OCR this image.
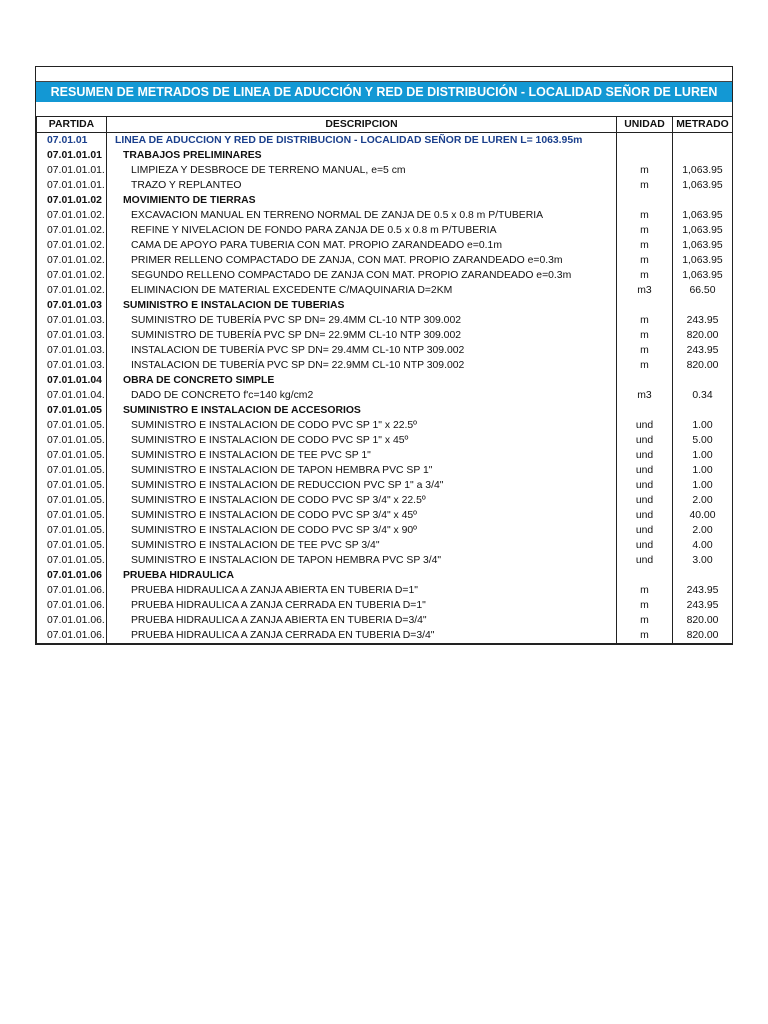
RESUMEN DE METRADOS DE LINEA DE ADUCCIÓN Y RED DE DISTRIBUCIÓN - LOCALIDAD SEÑOR DE LUREN
PARTIDA	DESCRIPCION	UNIDAD	METRADO
07.01.01	LINEA DE ADUCCION Y RED DE DISTRIBUCION - LOCALIDAD SEÑOR DE LUREN L= 1063.95m		
07.01.01.01	TRABAJOS PRELIMINARES		
07.01.01.01.	LIMPIEZA Y DESBROCE DE TERRENO MANUAL, e=5 cm	m	1,063.95
07.01.01.01.	TRAZO Y REPLANTEO	m	1,063.95
07.01.01.02	MOVIMIENTO DE TIERRAS		
07.01.01.02.	EXCAVACION MANUAL EN TERRENO NORMAL DE ZANJA DE 0.5 x 0.8 m P/TUBERIA	m	1,063.95
07.01.01.02.	REFINE Y NIVELACION DE FONDO PARA ZANJA DE 0.5 x 0.8 m P/TUBERIA	m	1,063.95
07.01.01.02.	CAMA DE APOYO PARA TUBERIA CON MAT. PROPIO ZARANDEADO e=0.1m	m	1,063.95
07.01.01.02.	PRIMER RELLENO COMPACTADO DE ZANJA, CON MAT. PROPIO ZARANDEADO e=0.3m	m	1,063.95
07.01.01.02.	SEGUNDO RELLENO COMPACTADO DE ZANJA CON MAT. PROPIO ZARANDEADO e=0.3m	m	1,063.95
07.01.01.02.	ELIMINACION DE MATERIAL EXCEDENTE C/MAQUINARIA D=2KM	m3	66.50
07.01.01.03	SUMINISTRO E INSTALACION DE TUBERIAS		
07.01.01.03.	SUMINISTRO DE TUBERÍA PVC SP DN= 29.4MM CL-10 NTP 309.002	m	243.95
07.01.01.03.	SUMINISTRO DE TUBERÍA PVC SP DN= 22.9MM CL-10 NTP 309.002	m	820.00
07.01.01.03.	INSTALACION DE TUBERÍA PVC SP DN= 29.4MM CL-10 NTP 309.002	m	243.95
07.01.01.03.	INSTALACION DE TUBERÍA PVC SP DN= 22.9MM CL-10 NTP 309.002	m	820.00
07.01.01.04	OBRA DE CONCRETO SIMPLE		
07.01.01.04.	DADO DE CONCRETO f'c=140 kg/cm2	m3	0.34
07.01.01.05	SUMINISTRO E INSTALACION DE ACCESORIOS		
07.01.01.05.	SUMINISTRO E INSTALACION DE CODO PVC SP 1" x 22.5º	und	1.00
07.01.01.05.	SUMINISTRO E INSTALACION DE CODO PVC SP 1" x 45º	und	5.00
07.01.01.05.	SUMINISTRO E INSTALACION DE TEE PVC SP 1"	und	1.00
07.01.01.05.	SUMINISTRO E INSTALACION DE TAPON HEMBRA PVC SP 1"	und	1.00
07.01.01.05.	SUMINISTRO E INSTALACION DE REDUCCION PVC SP 1" a 3/4"	und	1.00
07.01.01.05.	SUMINISTRO E INSTALACION DE CODO PVC SP 3/4" x 22.5º	und	2.00
07.01.01.05.	SUMINISTRO E INSTALACION DE CODO PVC SP 3/4" x 45º	und	40.00
07.01.01.05.	SUMINISTRO E INSTALACION DE CODO PVC SP 3/4" x 90º	und	2.00
07.01.01.05.	SUMINISTRO E INSTALACION DE TEE PVC SP 3/4"	und	4.00
07.01.01.05.	SUMINISTRO E INSTALACION DE TAPON HEMBRA PVC SP 3/4"	und	3.00
07.01.01.06	PRUEBA HIDRAULICA		
07.01.01.06.	PRUEBA HIDRAULICA A ZANJA ABIERTA EN TUBERIA D=1"	m	243.95
07.01.01.06.	PRUEBA HIDRAULICA A ZANJA CERRADA EN TUBERIA D=1"	m	243.95
07.01.01.06.	PRUEBA HIDRAULICA A ZANJA ABIERTA EN TUBERIA D=3/4"	m	820.00
07.01.01.06.	PRUEBA HIDRAULICA A ZANJA CERRADA EN TUBERIA D=3/4"	m	820.00
